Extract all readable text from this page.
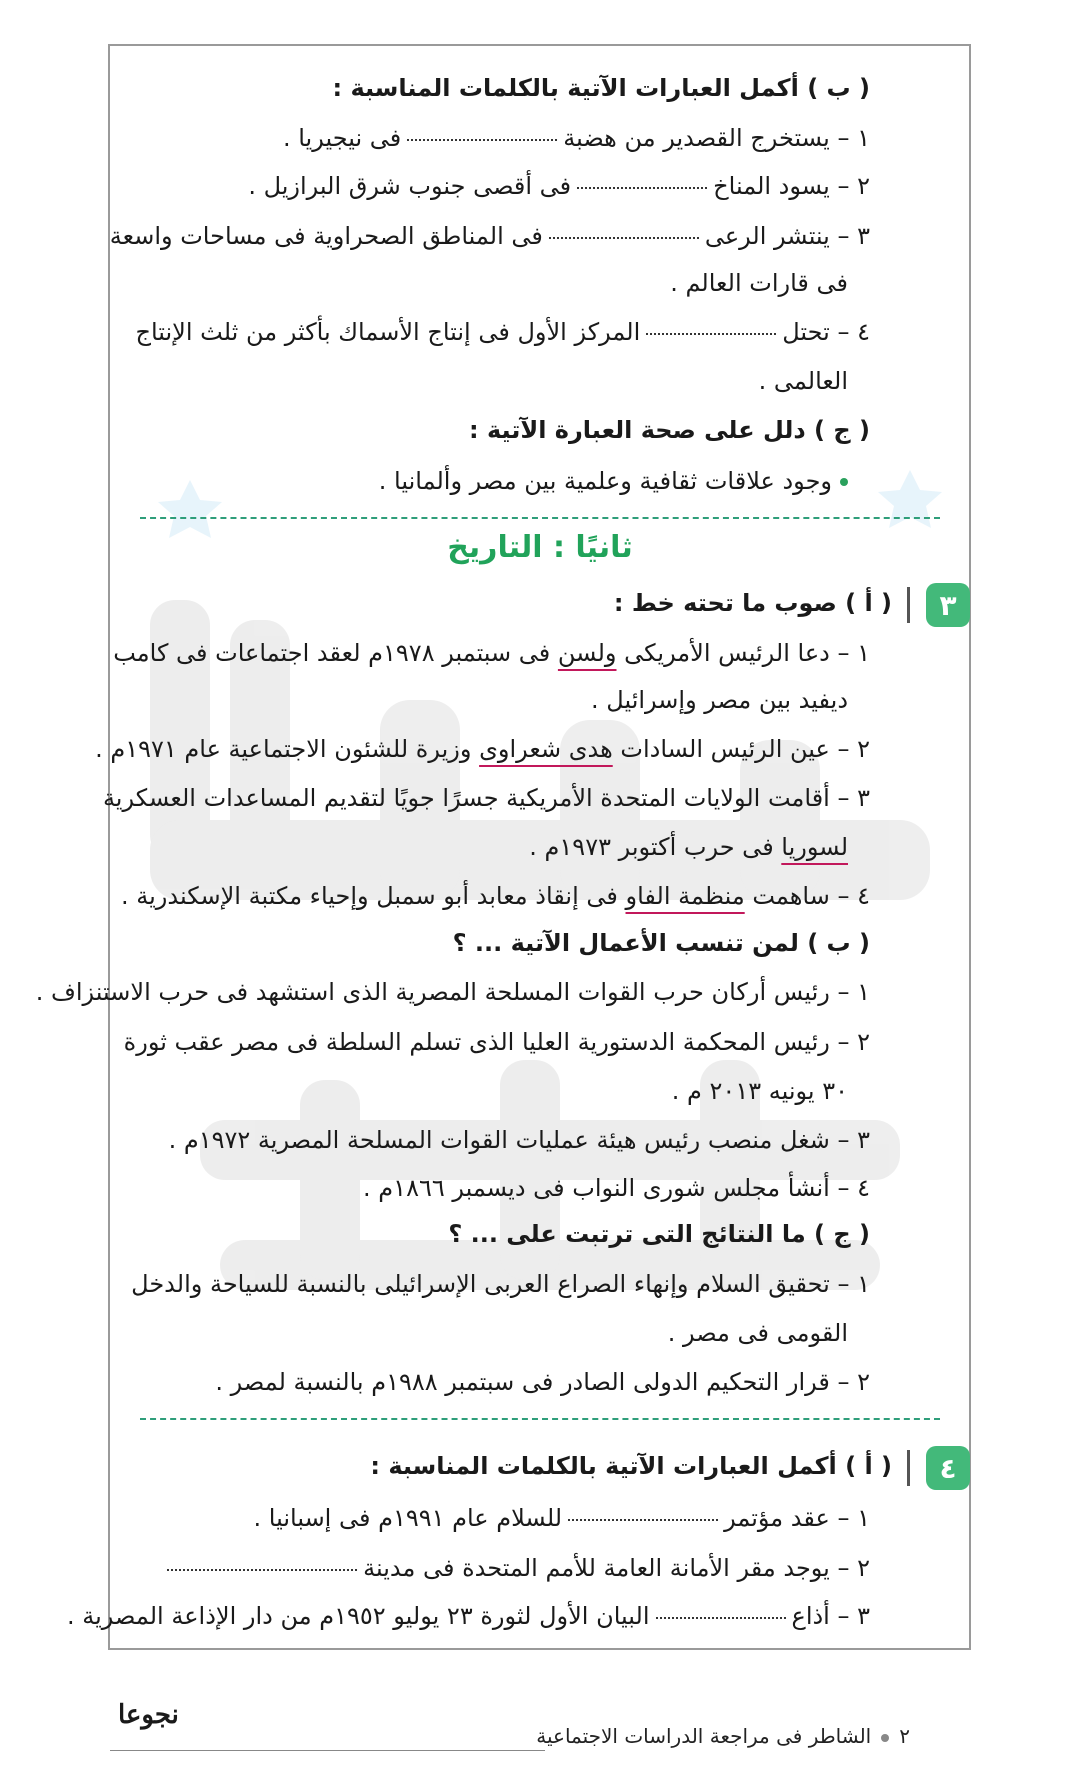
( ب ) أكمل العبارات الآتية بالكلمات المناسبة :
١ – يستخرج القصدير من هضبةفى نيجيريا .
٢ – يسود المناخفى أقصى جنوب شرق البرازيل .
٣ – ينتشر الرعىفى المناطق الصحراوية فى مساحات واسعة
فى قارات العالم .
٤ – تحتلالمركز الأول فى إنتاج الأسماك بأكثر من ثلث الإنتاج
العالمى .
( ج ) دلل على صحة العبارة الآتية :
وجود علاقات ثقافية وعلمية بين مصر وألمانيا .
ثانيًا : التاريخ
٣
( أ ) صوب ما تحته خط :
١ – دعا الرئيس الأمريكى ولسن فى سبتمبر ١٩٧٨م لعقد اجتماعات فى كامب
ديفيد بين مصر وإسرائيل .
٢ – عين الرئيس السادات هدى شعراوى وزيرة للشئون الاجتماعية عام ١٩٧١م .
٣ – أقامت الولايات المتحدة الأمريكية جسرًا جويًا لتقديم المساعدات العسكرية
لسوريا فى حرب أكتوبر ١٩٧٣م .
٤ – ساهمت منظمة الفاو فى إنقاذ معابد أبو سمبل وإحياء مكتبة الإسكندرية .
( ب ) لمن تنسب الأعمال الآتية ... ؟
١ – رئيس أركان حرب القوات المسلحة المصرية الذى استشهد فى حرب الاستنزاف .
٢ – رئيس المحكمة الدستورية العليا الذى تسلم السلطة فى مصر عقب ثورة
٣٠ يونيه ٢٠١٣ م .
٣ – شغل منصب رئيس هيئة عمليات القوات المسلحة المصرية ١٩٧٢م .
٤ – أنشأ مجلس شورى النواب فى ديسمبر ١٨٦٦م .
( ج ) ما النتائج التى ترتبت على ... ؟
١ – تحقيق السلام وإنهاء الصراع العربى الإسرائيلى بالنسبة للسياحة والدخل
القومى فى مصر .
٢ – قرار التحكيم الدولى الصادر فى سبتمبر ١٩٨٨م بالنسبة لمصر .
٤
( أ ) أكمل العبارات الآتية بالكلمات المناسبة :
١ – عقد مؤتمرللسلام عام ١٩٩١م فى إسبانيا .
٢ – يوجد مقر الأمانة العامة للأمم المتحدة فى مدينة
٣ – أذاعالبيان الأول لثورة ٢٣ يوليو ١٩٥٢م من دار الإذاعة المصرية .
٢الشاطر فى مراجعة الدراسات الاجتماعية
نجوعا
